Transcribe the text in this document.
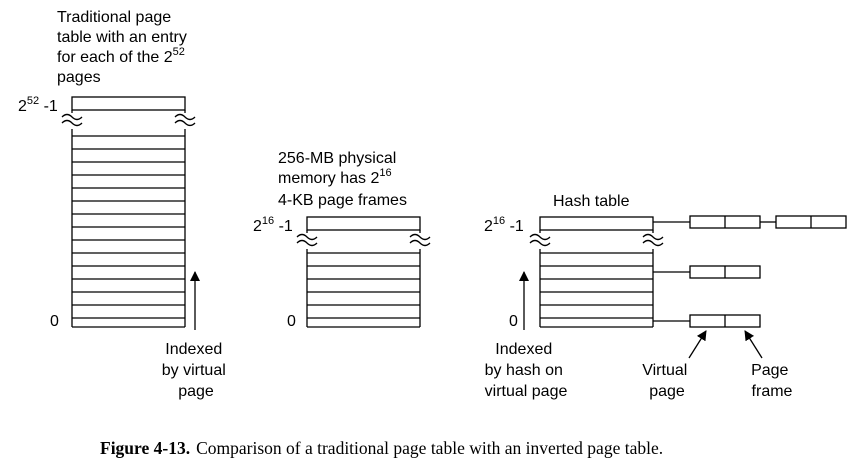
Traditional page table with an entry for each of the $2^{52}$ pages
$2^{52}$ -1
0
Indexed by virtual page
256-MB physical memory has $2^{16}$ 4-KB page frames
$2^{16}$ -1
0
Hash table
$2^{16}$ -1
0
Indexed by hash on virtual page
Virtual page
Page frame
Figure 4-13. Comparison of a traditional page table with an inverted page table.
